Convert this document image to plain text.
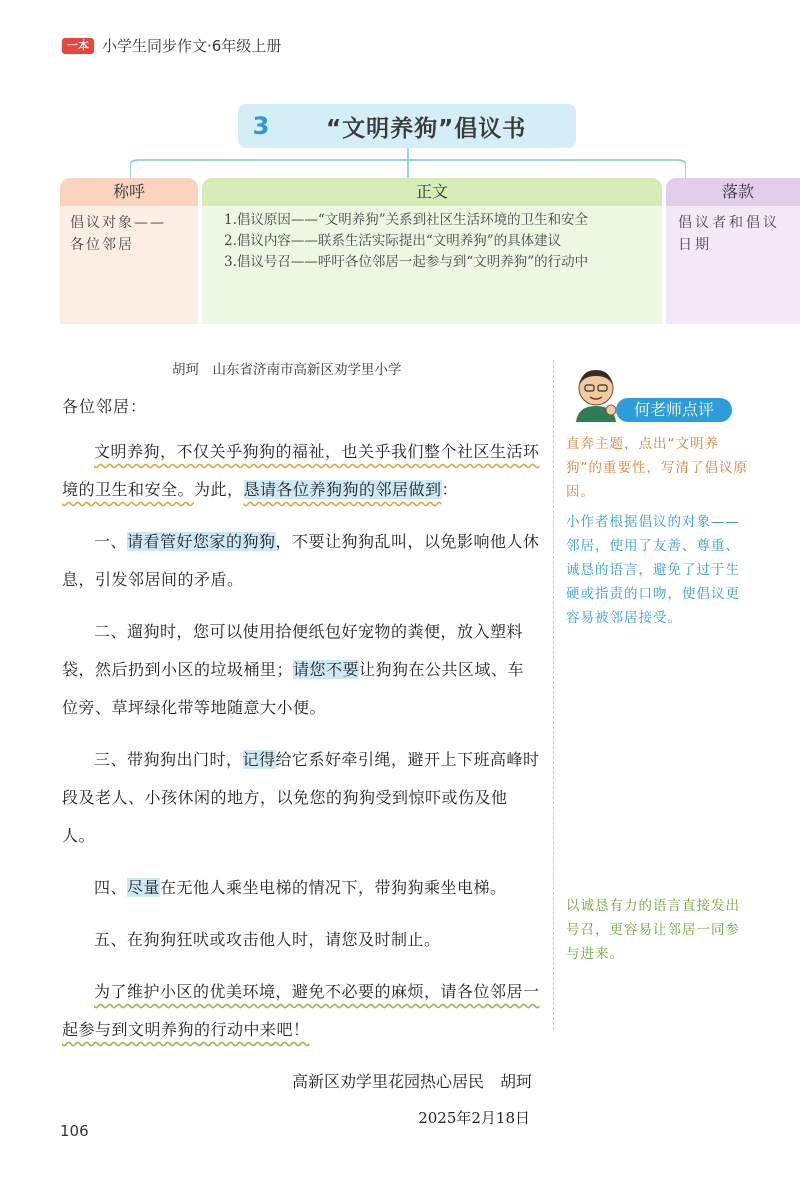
一本 小学生同步作文·6年级上册
3	“文明养狗”倡议书
称呼
倡议对象——
各位邻居
正文
1.倡议原因——“文明养狗”关系到社区生活环境的卫生和安全
2.倡议内容——联系生活实际提出“文明养狗”的具体建议
3.倡议号召——呼吁各位邻居一起参与到“文明养狗”的行动中
落款
倡议者和倡议
日期
胡珂　山东省济南市高新区劝学里小学

各位邻居：

文明养狗，不仅关乎狗狗的福祉，也关乎我们整个社区生活环境的卫生和安全。为此，恳请各位养狗狗的邻居做到：

一、请看管好您家的狗狗，不要让狗狗乱叫，以免影响他人休息，引发邻居间的矛盾。

二、遛狗时，您可以使用拾便纸包好宠物的粪便，放入塑料袋，然后扔到小区的垃圾桶里；请您不要让狗狗在公共区域、车位旁、草坪绿化带等地随意大小便。

三、带狗狗出门时，记得给它系好牵引绳，避开上下班高峰时段及老人、小孩休闲的地方，以免您的狗狗受到惊吓或伤及他人。

四、尽量在无他人乘坐电梯的情况下，带狗狗乘坐电梯。

五、在狗狗狂吠或攻击他人时，请您及时制止。

为了维护小区的优美环境，避免不必要的麻烦，请各位邻居一起参与到文明养狗的行动中来吧！

高新区劝学里花园热心居民　胡珂

2025年2月18日

何老师点评
直奔主题，点出“文明养狗”的重要性，写清了倡议原因。
小作者根据倡议的对象——邻居，使用了友善、尊重、诚恳的语言，避免了过于生硬或指责的口吻，使倡议更容易被邻居接受。
以诚恳有力的语言直接发出号召，更容易让邻居一同参与进来。
106
